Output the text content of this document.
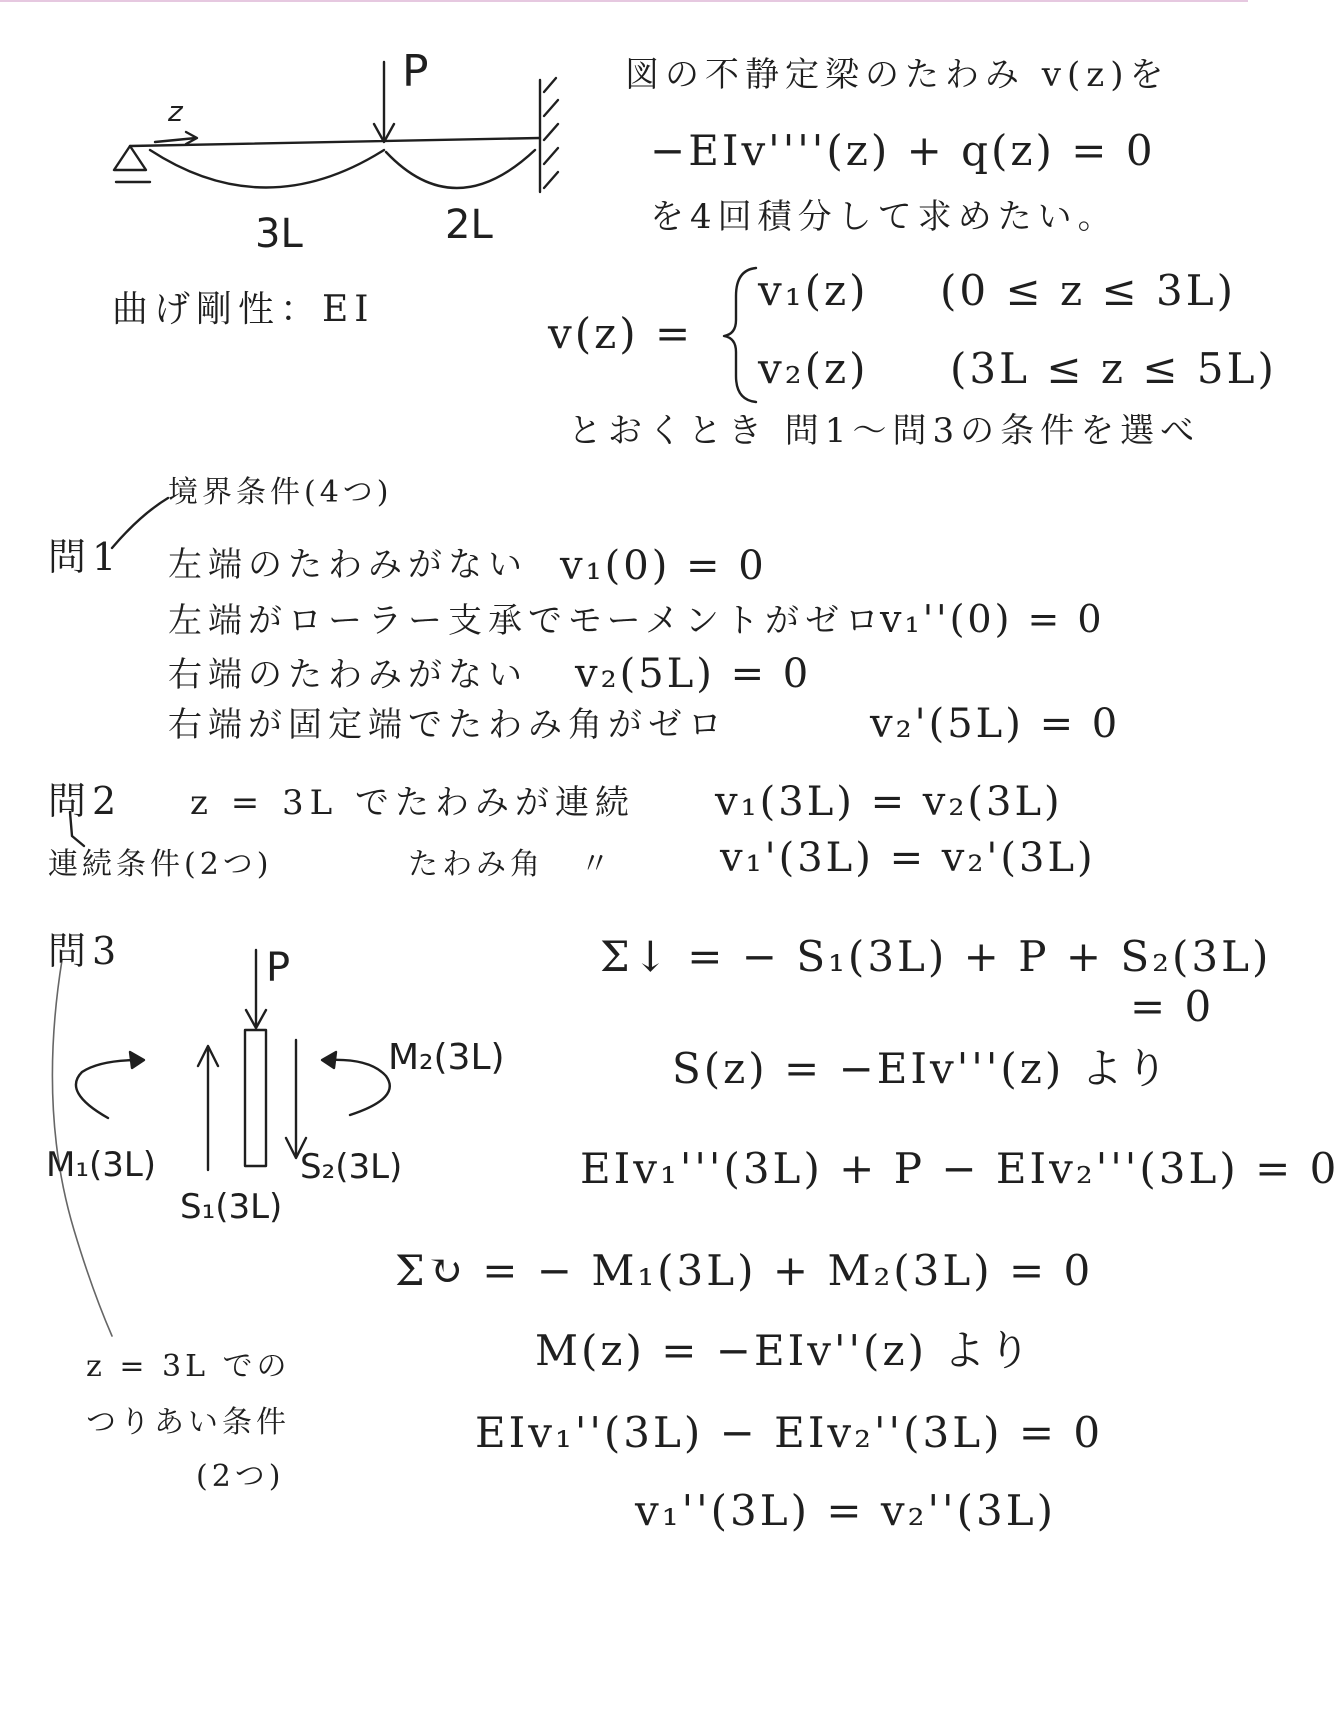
P
z
3L	2L
曲げ剛性：EI
図の不静定梁のたわみ v(z)を
−EIv''''(z) + q(z) = 0
を4回積分して求めたい。
v(z) =
v₁(z) (0 ≤ z ≤ 3L)
v₂(z) (3L ≤ z ≤ 5L)
とおくとき 問1〜問3の条件を選べ
境界条件(4つ)
問1 左端のたわみがない v₁(0) = 0
左端がローラー支承でモーメントがゼロ
v₁''(0) = 0
右端のたわみがない v₂(5L) = 0
右端が固定端でたわみ角がゼロ	v₂'(5L) = 0
問2 z = 3L でたわみが連続 v₁(3L) = v₂(3L)
連続条件(2つ)	たわみ角 〃	v₁'(3L) = v₂'(3L)
問3	P
M₂(3L)
M₁(3L)	S₂(3L)
S₁(3L)
Σ↓ = − S₁(3L) + P + S₂(3L)
= 0
S(z) = −EIv'''(z) より
EIv₁'''(3L) + P − EIv₂'''(3L) = 0
Σ↻ = − M₁(3L) + M₂(3L) = 0
M(z) = −EIv''(z) より
EIv₁''(3L) − EIv₂''(3L) = 0
v₁''(3L) = v₂''(3L)
z = 3L での
つりあい条件
(2つ)
